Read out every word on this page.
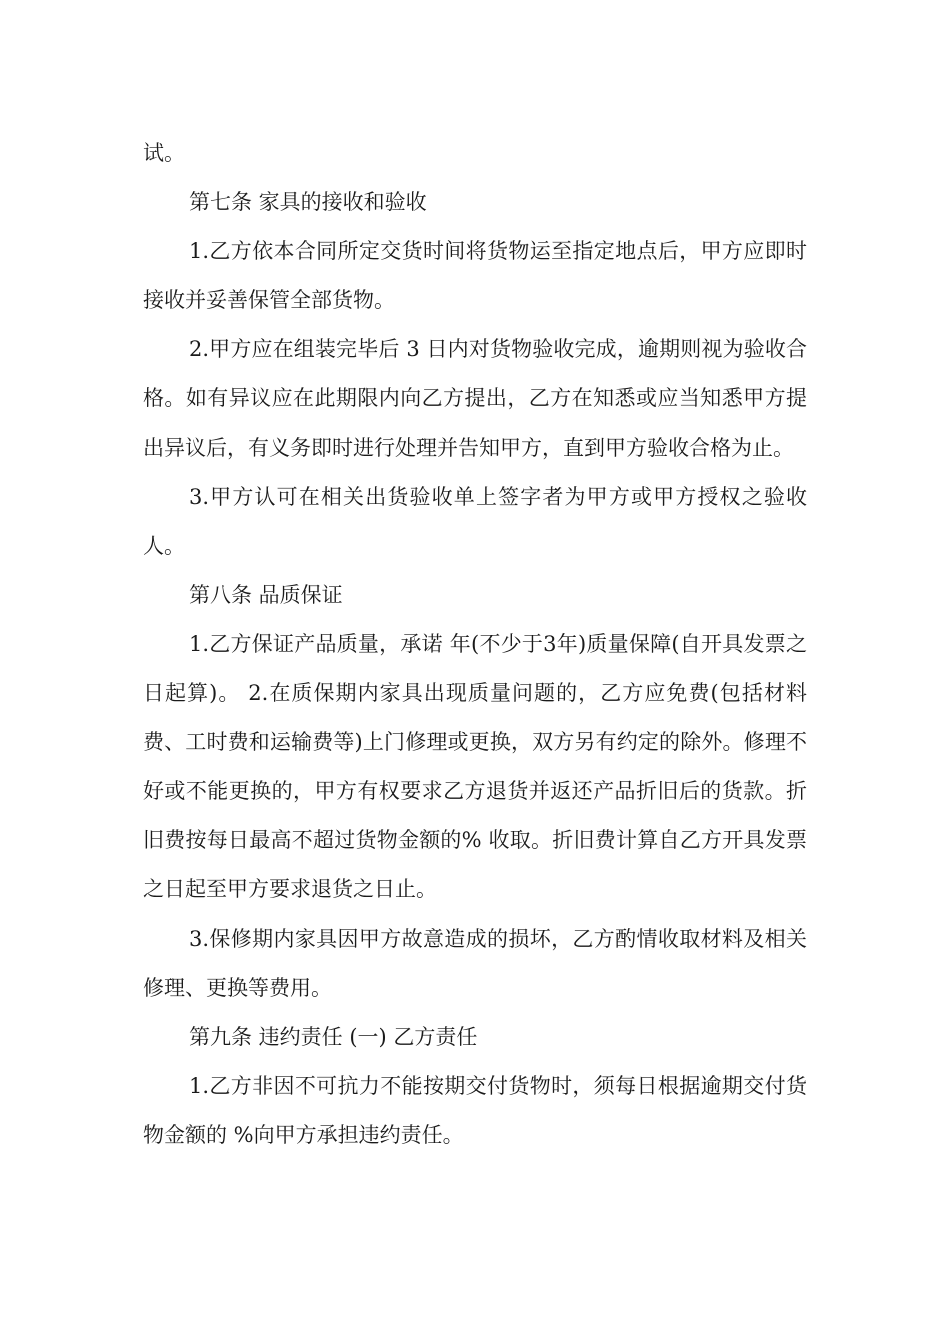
试。

第七条 家具的接收和验收

1.乙方依本合同所定交货时间将货物运至指定地点后，甲方应即时接收并妥善保管全部货物。

2.甲方应在组装完毕后 3 日内对货物验收完成，逾期则视为验收合格。如有异议应在此期限内向乙方提出，乙方在知悉或应当知悉甲方提出异议后，有义务即时进行处理并告知甲方，直到甲方验收合格为止。

3.甲方认可在相关出货验收单上签字者为甲方或甲方授权之验收人。

第八条 品质保证

1.乙方保证产品质量，承诺 年(不少于3年)质量保障(自开具发票之日起算)。 2.在质保期内家具出现质量问题的，乙方应免费(包括材料费、工时费和运输费等)上门修理或更换，双方另有约定的除外。修理不好或不能更换的，甲方有权要求乙方退货并返还产品折旧后的货款。折旧费按每日最高不超过货物金额的% 收取。折旧费计算自乙方开具发票之日起至甲方要求退货之日止。

3.保修期内家具因甲方故意造成的损坏，乙方酌情收取材料及相关修理、更换等费用。

第九条 违约责任 (一) 乙方责任

1.乙方非因不可抗力不能按期交付货物时，须每日根据逾期交付货物金额的 %向甲方承担违约责任。
